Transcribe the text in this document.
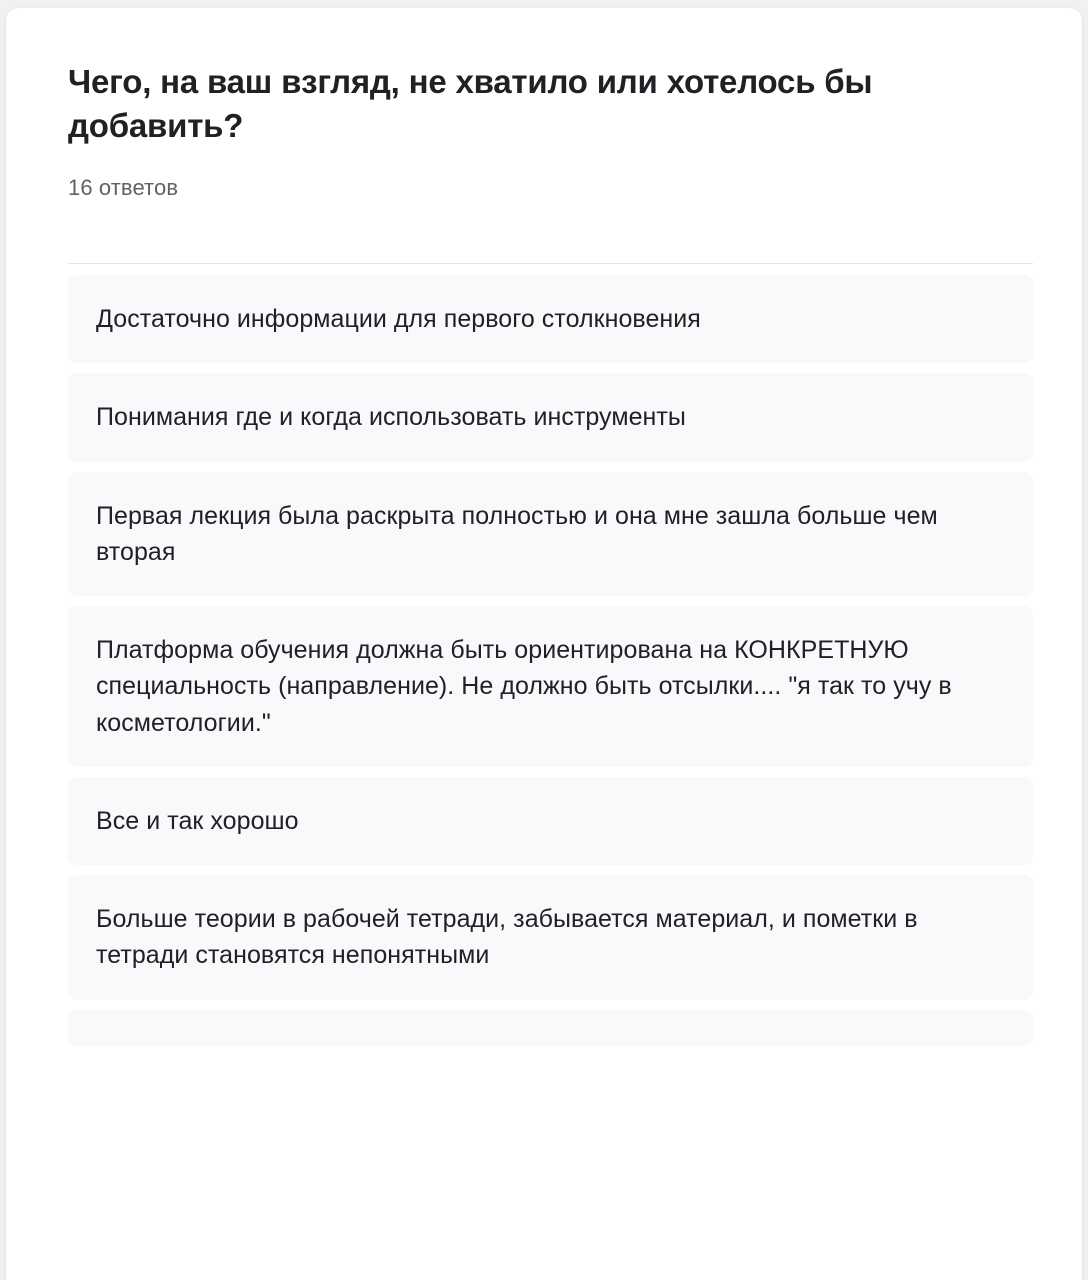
Чего, на ваш взгляд, не хватило или хотелось бы добавить?
16 ответов
Достаточно информации для первого столкновения
Понимания где и когда использовать инструменты
Первая лекция была раскрыта полностью и она мне зашла больше чем вторая
Платформа обучения должна быть ориентирована на КОНКРЕТНУЮ специальность (направление). Не должно быть отсылки.... "я так то учу в косметологии."
Все и так хорошо
Больше теории в рабочей тетради, забывается материал, и пометки в тетради становятся непонятными
